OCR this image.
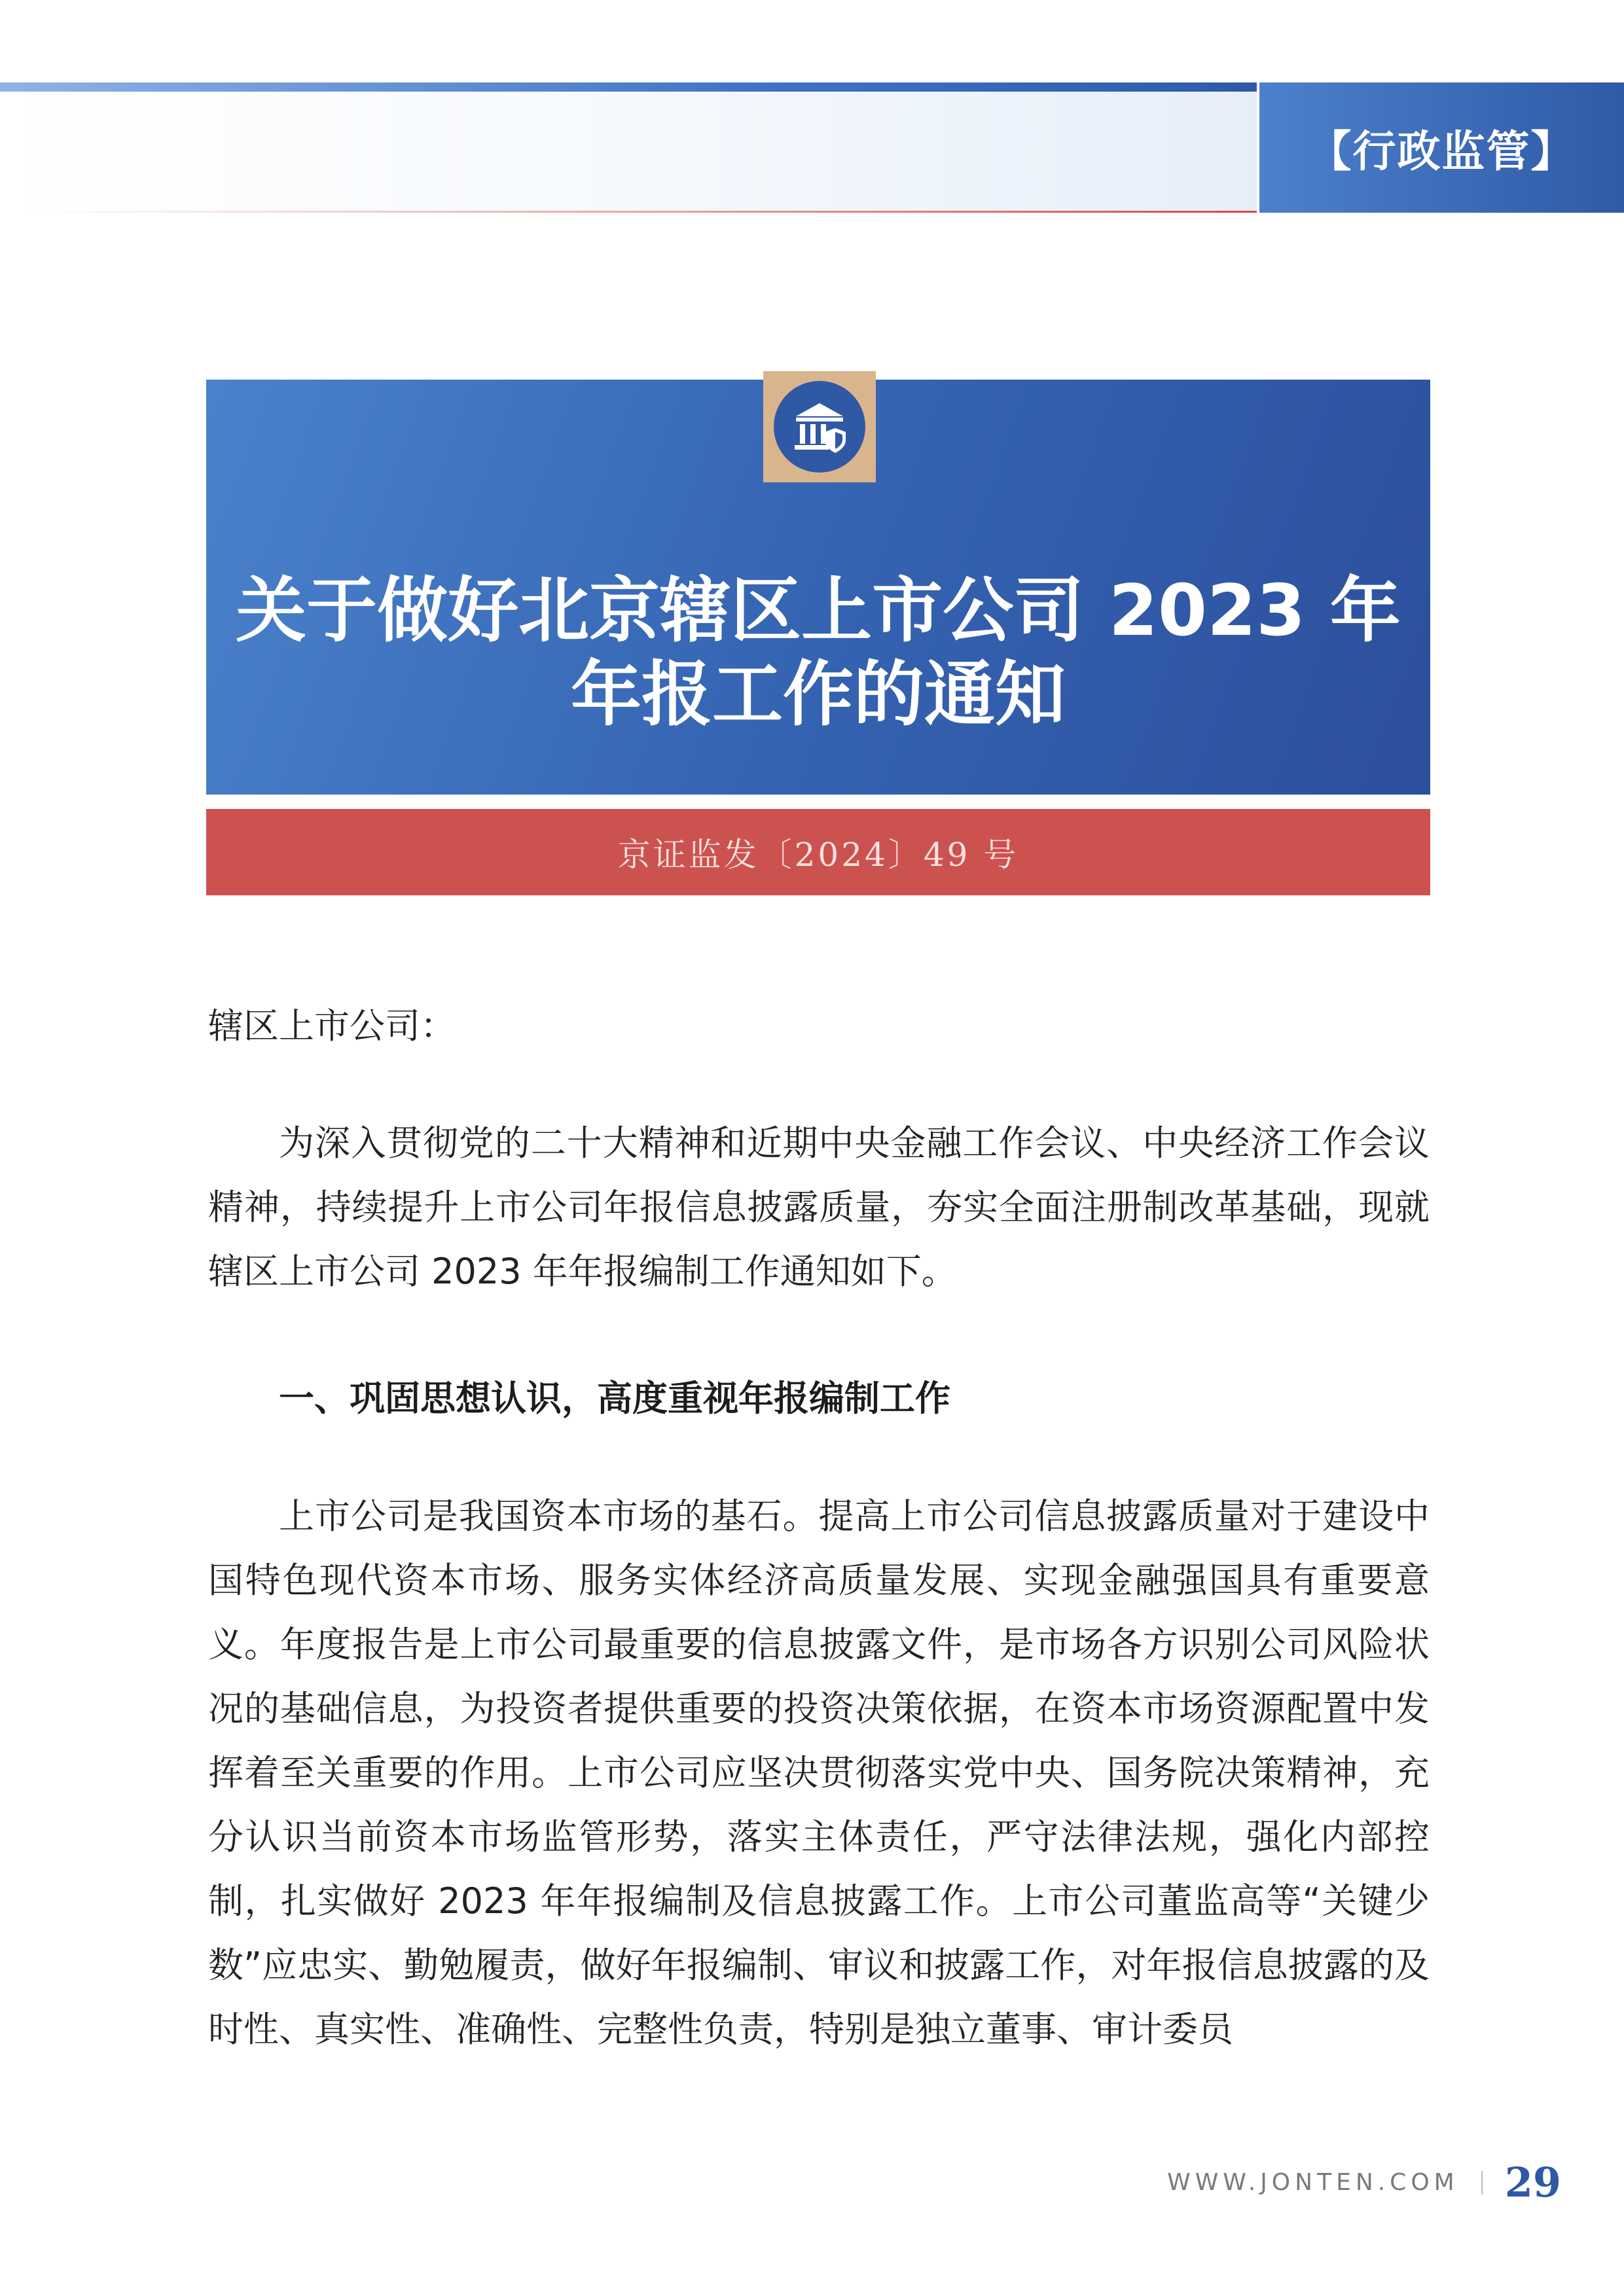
【行政监管】
关于做好北京辖区上市公司 2023 年年报工作的通知
京证监发〔2024〕49 号
辖区上市公司：

为深入贯彻党的二十大精神和近期中央金融工作会议、中央经济工作会议精神，持续提升上市公司年报信息披露质量，夯实全面注册制改革基础，现就辖区上市公司 2023 年年报编制工作通知如下。

一、巩固思想认识，高度重视年报编制工作

上市公司是我国资本市场的基石。提高上市公司信息披露质量对于建设中国特色现代资本市场、服务实体经济高质量发展、实现金融强国具有重要意义。年度报告是上市公司最重要的信息披露文件，是市场各方识别公司风险状况的基础信息，为投资者提供重要的投资决策依据，在资本市场资源配置中发挥着至关重要的作用。上市公司应坚决贯彻落实党中央、国务院决策精神，充分认识当前资本市场监管形势，落实主体责任，严守法律法规，强化内部控制，扎实做好 2023 年年报编制及信息披露工作。上市公司董监高等“关键少数”应忠实、勤勉履责，做好年报编制、审议和披露工作，对年报信息披露的及时性、真实性、准确性、完整性负责，特别是独立董事、审计委员

WWW.JONTEN.COM 29
